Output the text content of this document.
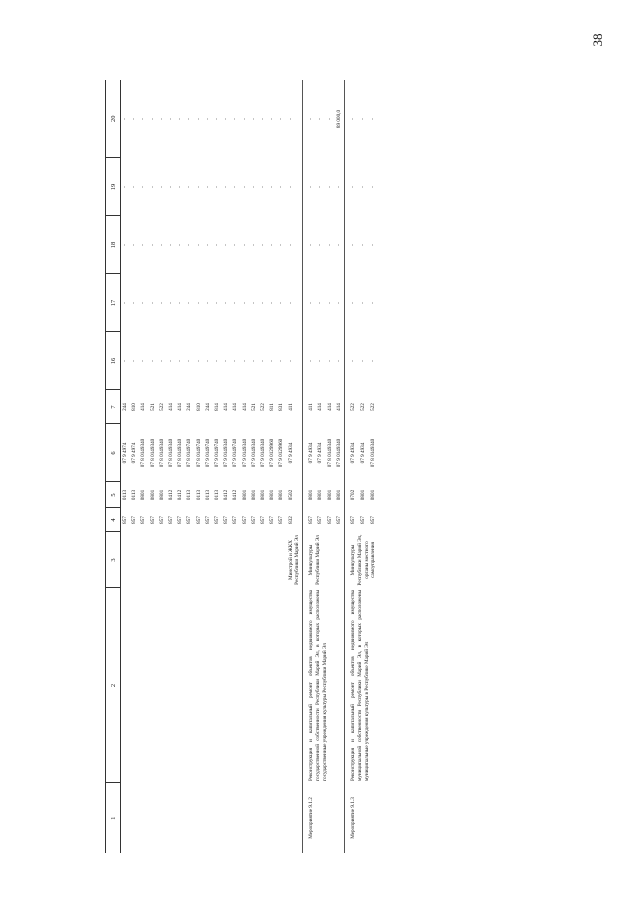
38
1	2	3	4	5	6	7	16	17	18	19	20
			857	0113	07 9 4974	244	-	-	-	-	-
			857	0113	07 9 4974	810	-	-	-	-	-
			857	0801	07 8 0149340	414	-	-	-	-	-
			857	0801	07 8 0149340	521	-	-	-	-	-
			857	0801	07 8 0149340	522	-	-	-	-	-
			857	0412	07 8 0149340	414	-	-	-	-	-
			857	0412	07 8 0149340	414	-	-	-	-	-
			857	0113	07 8 0149740	244	-	-	-	-	-
			857	0113	07 8 0149740	810	-	-	-	-	-
			857	0113	07 9 0149740	244	-	-	-	-	-
			857	0113	07 9 0149740	814	-	-	-	-	-
			857	0412	07 9 0149340	414	-	-	-	-	-
			857	0412	07 9 0149740	414	-	-	-	-	-
			857	0801	07 9 0149340	414	-	-	-	-	-
			857	0801	07 9 0149340	521	-	-	-	-	-
			857	0801	07 9 0149340	522	-	-	-	-	-
			857	0801	07 9 0129960	811	-	-	-	-	-
			857	0801	07 9 0129960	831	-	-	-	-	-
		Минстрой и ЖКХ Республики Марий Эл	832	0502	07 9 4934	411	-	-	-	-	-

Мероприятие 9.1.2	Реконструкция и капитальный ремонт объектов недвижимого имущества государственной собственности Республики Марий Эл, в которых расположены государственные учреждения культуры Республики Марий Эл	Минкультуры Республики Марий Эл	857	0801	07 9 4934	411	-	-	-	-	-
			857	0801	07 9 4934	414	-	-	-	-	-
			857	0801	07 8 0149340	414	-	-	-	-	-
			857	0801	07 9 0149340	414	-	-	-	-	89 000,0

Мероприятие 9.1.3	Реконструкция и капитальный ремонт объектов недвижимого имущества муниципальной собственности Республики Марий Эл, в которых расположены муниципальные учреждения культуры в Республике Марий Эл	Минкультуры Республики Марий Эл, органы местного самоуправления	857	0702	07 9 4934	522	-	-	-	-	-
			857	0801	07 9 4934	522	-	-	-	-	-
			857	0801	07 8 0149340	522	-	-	-	-	-
